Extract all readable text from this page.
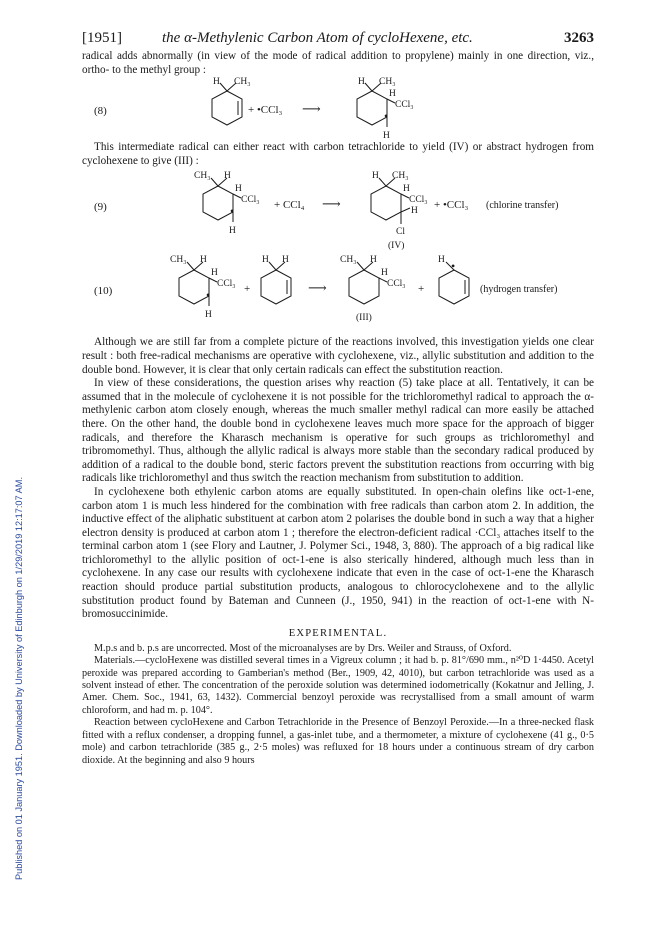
Published on 01 January 1951. Downloaded by University of Edinburgh on 1/29/2019 12:17:07 AM.
[1951]	the α-Methylenic Carbon Atom of cycloHexene, etc.	3263

radical adds abnormally (in view of the mode of radical addition to propylene) mainly in one direction, viz., ortho- to the methyl group :

(8)
H CH₃
+ •CCl₃ ⟶	•
H CH₃
H
CCl₃
H

This intermediate radical can either react with carbon tetrachloride to yield (IV) or abstract hydrogen from cyclohexene to give (III) :

(9)	•
CH₃ H
H
CCl₃
H
+ CCl₄ ⟶
H CH₃
H
CCl₃
H
Cl
(IV)
+ •CCl₃ (chlorine transfer)
(10)	•
CH₃ H
H
CCl₃
H
+
H H
⟶
CH₃ H
H
CCl₃
(III)
+
•
H
(hydrogen transfer)

Although we are still far from a complete picture of the reactions involved, this investigation yields one clear result : both free-radical mechanisms are operative with cyclohexene, viz., allylic substitution and addition to the double bond. However, it is clear that only certain radicals can effect the substitution reaction.

In view of these considerations, the question arises why reaction (5) take place at all. Tentatively, it can be assumed that in the molecule of cyclohexene it is not possible for the trichloromethyl radical to approach the α-methylenic carbon atom closely enough, whereas the much smaller methyl radical can more easily be attached there. On the other hand, the double bond in cyclohexene leaves much more space for the approach of bigger radicals, and therefore the Kharasch mechanism is operative for such groups as trichloromethyl and tribromomethyl. Thus, although the allylic radical is always more stable than the secondary radical produced by addition of a radical to the double bond, steric factors prevent the substitution reactions from occurring with big radicals like trichloromethyl and thus switch the reaction mechanism from substitution to addition.

In cyclohexene both ethylenic carbon atoms are equally substituted. In open-chain olefins like oct-1-ene, carbon atom 1 is much less hindered for the combination with free radicals than carbon atom 2. In addition, the inductive effect of the aliphatic substituent at carbon atom 2 polarises the double bond in such a way that a higher electron density is produced at carbon atom 1 ; therefore the electron-deficient radical ·CCl₃ attaches itself to the terminal carbon atom 1 (see Flory and Lautner, J. Polymer Sci., 1948, 3, 880). The approach of a big radical like trichloromethyl to the allylic position of oct-1-ene is also sterically hindered, although much less than in cyclohexene. In any case our results with cyclohexene indicate that even in the case of oct-1-ene the Kharasch reaction should produce partial substitution products, analogous to chlorocyclohexene and to the allylic substitution product found by Bateman and Cunneen (J., 1950, 941) in the reaction of oct-1-ene with N-bromosuccinimide.

EXPERIMENTAL.

M.p.s and b. p.s are uncorrected. Most of the microanalyses are by Drs. Weiler and Strauss, of Oxford.

Materials.—cycloHexene was distilled several times in a Vigreux column ; it had b. p. 81°/690 mm., n²⁰D 1·4450. Acetyl peroxide was prepared according to Gamberian's method (Ber., 1909, 42, 4010), but carbon tetrachloride was used as a solvent instead of ether. The concentration of the peroxide solution was determined iodometrically (Kokatnur and Jelling, J. Amer. Chem. Soc., 1941, 63, 1432). Commercial benzoyl peroxide was recrystallised from a small amount of warm chloroform, and had m. p. 104°.

Reaction between cycloHexene and Carbon Tetrachloride in the Presence of Benzoyl Peroxide.—In a three-necked flask fitted with a reflux condenser, a dropping funnel, a gas-inlet tube, and a thermometer, a mixture of cyclohexene (41 g., 0·5 mole) and carbon tetrachloride (385 g., 2·5 moles) was refluxed for 18 hours under a continuous stream of dry carbon dioxide. At the beginning and also 9 hours
